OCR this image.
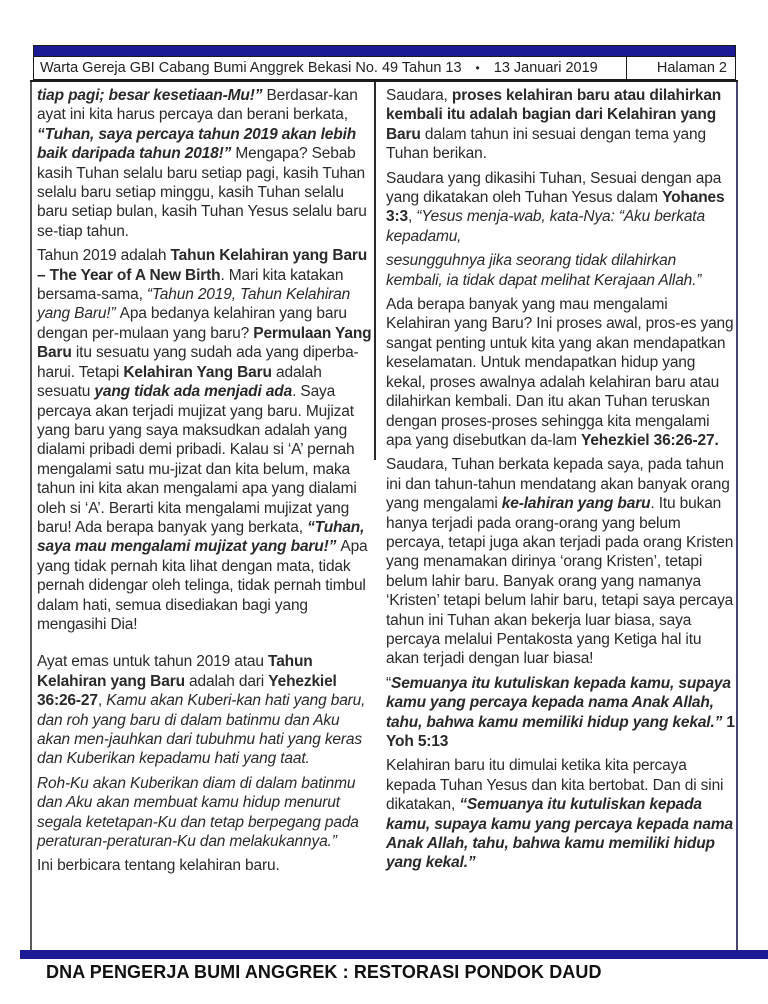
Warta Gereja GBI Cabang Bumi Anggrek Bekasi No. 49 Tahun 13 • 13 Januari 2019	Halaman 2

tiap pagi; besar kesetiaan-Mu!” Berdasar-kan ayat ini kita harus percaya dan berani berkata, “Tuhan, saya percaya tahun 2019 akan lebih baik daripada tahun 2018!” Mengapa? Sebab kasih Tuhan selalu baru setiap pagi, kasih Tuhan selalu baru setiap minggu, kasih Tuhan selalu baru setiap bulan, kasih Tuhan Yesus selalu baru se-tiap tahun.

Tahun 2019 adalah Tahun Kelahiran yang Baru – The Year of A New Birth. Mari kita katakan bersama-sama, “Tahun 2019, Tahun Kelahiran yang Baru!” Apa bedanya kelahiran yang baru dengan per-mulaan yang baru? Permulaan Yang Baru itu sesuatu yang sudah ada yang diperba-harui. Tetapi Kelahiran Yang Baru adalah sesuatu yang tidak ada menjadi ada. Saya percaya akan terjadi mujizat yang baru. Mujizat yang baru yang saya maksudkan adalah yang dialami pribadi demi pribadi. Kalau si ‘A’ pernah mengalami satu mu-jizat dan kita belum, maka tahun ini kita akan mengalami apa yang dialami oleh si ‘A’. Berarti kita mengalami mujizat yang baru! Ada berapa banyak yang berkata, “Tuhan, saya mau mengalami mujizat yang baru!” Apa yang tidak pernah kita lihat dengan mata, tidak pernah didengar oleh telinga, tidak pernah timbul dalam hati, semua disediakan bagi yang mengasihi Dia!

Ayat emas untuk tahun 2019 atau Tahun Kelahiran yang Baru adalah dari Yehezkiel 36:26-27, Kamu akan Kuberi-kan hati yang baru, dan roh yang baru di dalam batinmu dan Aku akan men-jauhkan dari tubuhmu hati yang keras dan Kuberikan kepadamu hati yang taat.

Roh-Ku akan Kuberikan diam di dalam batinmu dan Aku akan membuat kamu hidup menurut segala ketetapan-Ku dan tetap berpegang pada peraturan-peraturan-Ku dan melakukannya.”

Ini berbicara tentang kelahiran baru.

Saudara, proses kelahiran baru atau dilahirkan kembali itu adalah bagian dari Kelahiran yang Baru dalam tahun ini sesuai dengan tema yang Tuhan berikan.

Saudara yang dikasihi Tuhan, Sesuai dengan apa yang dikatakan oleh Tuhan Yesus dalam Yohanes 3:3, “Yesus menja-wab, kata-Nya: “Aku berkata kepadamu,

sesungguhnya jika seorang tidak dilahirkan kembali, ia tidak dapat melihat Kerajaan Allah.”

Ada berapa banyak yang mau mengalami Kelahiran yang Baru? Ini proses awal, pros-es yang sangat penting untuk kita yang akan mendapatkan keselamatan. Untuk mendapatkan hidup yang kekal, proses awalnya adalah kelahiran baru atau dilahirkan kembali. Dan itu akan Tuhan teruskan dengan proses-proses sehingga kita mengalami apa yang disebutkan da-lam Yehezkiel 36:26-27.

Saudara, Tuhan berkata kepada saya, pada tahun ini dan tahun-tahun mendatang akan banyak orang yang mengalami ke-lahiran yang baru. Itu bukan hanya terjadi pada orang-orang yang belum percaya, tetapi juga akan terjadi pada orang Kristen yang menamakan dirinya ‘orang Kristen’, tetapi belum lahir baru. Banyak orang yang namanya ‘Kristen’ tetapi belum lahir baru, tetapi saya percaya tahun ini Tuhan akan bekerja luar biasa, saya percaya melalui Pentakosta yang Ketiga hal itu akan terjadi dengan luar biasa!

“Semuanya itu kutuliskan kepada kamu, supaya kamu yang percaya kepada nama Anak Allah, tahu, bahwa kamu memiliki hidup yang kekal.” 1 Yoh 5:13

Kelahiran baru itu dimulai ketika kita percaya kepada Tuhan Yesus dan kita bertobat. Dan di sini dikatakan, “Semuanya itu kutuliskan kepada kamu, supaya kamu yang percaya kepada nama Anak Allah, tahu, bahwa kamu memiliki hidup yang kekal.”

DNA PENGERJA BUMI ANGGREK : RESTORASI PONDOK DAUD
